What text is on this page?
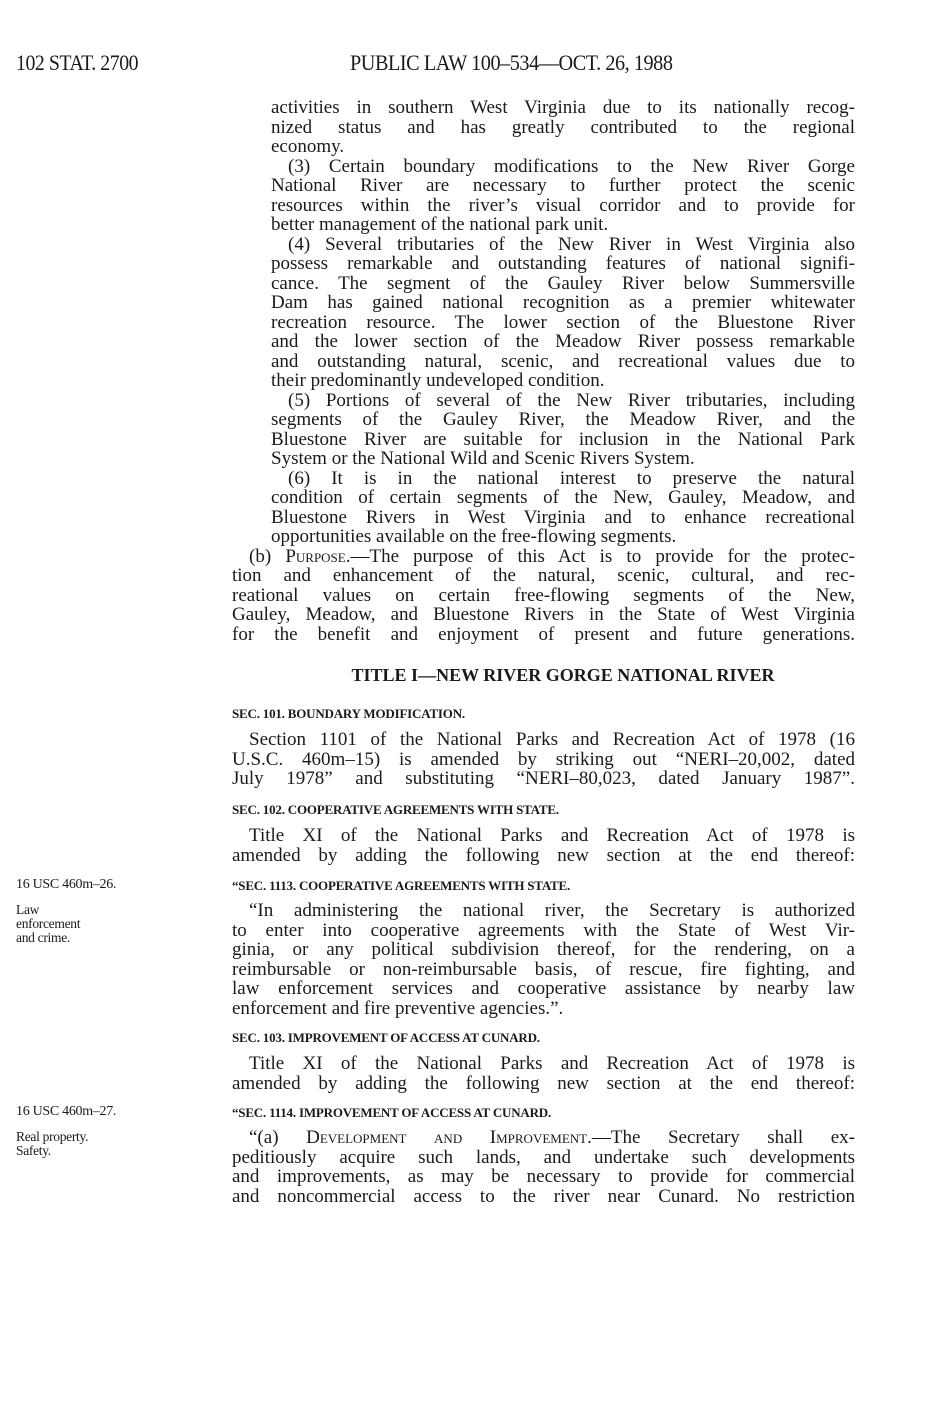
102 STAT. 2700	PUBLIC LAW 100–534—OCT. 26, 1988
activities in southern West Virginia due to its nationally recog-
nized status and has greatly contributed to the regional
economy.
(3) Certain boundary modifications to the New River Gorge
National River are necessary to further protect the scenic
resources within the river’s visual corridor and to provide for
better management of the national park unit.
(4) Several tributaries of the New River in West Virginia also
possess remarkable and outstanding features of national signifi-
cance. The segment of the Gauley River below Summersville
Dam has gained national recognition as a premier whitewater
recreation resource. The lower section of the Bluestone River
and the lower section of the Meadow River possess remarkable
and outstanding natural, scenic, and recreational values due to
their predominantly undeveloped condition.
(5) Portions of several of the New River tributaries, including
segments of the Gauley River, the Meadow River, and the
Bluestone River are suitable for inclusion in the National Park
System or the National Wild and Scenic Rivers System.
(6) It is in the national interest to preserve the natural
condition of certain segments of the New, Gauley, Meadow, and
Bluestone Rivers in West Virginia and to enhance recreational
opportunities available on the free-flowing segments.
(b) Purpose.—The purpose of this Act is to provide for the protec-
tion and enhancement of the natural, scenic, cultural, and rec-
reational values on certain free-flowing segments of the New,
Gauley, Meadow, and Bluestone Rivers in the State of West Virginia
for the benefit and enjoyment of present and future generations.
TITLE I—NEW RIVER GORGE NATIONAL RIVER
SEC. 101. BOUNDARY MODIFICATION.
Section 1101 of the National Parks and Recreation Act of 1978 (16
U.S.C. 460m–15) is amended by striking out “NERI–20,002, dated
July 1978” and substituting “NERI–80,023, dated January 1987”.
SEC. 102. COOPERATIVE AGREEMENTS WITH STATE.
Title XI of the National Parks and Recreation Act of 1978 is
amended by adding the following new section at the end thereof:
16 USC 460m–26.	“SEC. 1113. COOPERATIVE AGREEMENTS WITH STATE.
Law
enforcement
and crime.
“In administering the national river, the Secretary is authorized
to enter into cooperative agreements with the State of West Vir-
ginia, or any political subdivision thereof, for the rendering, on a
reimbursable or non-reimbursable basis, of rescue, fire fighting, and
law enforcement services and cooperative assistance by nearby law
enforcement and fire preventive agencies.”.
SEC. 103. IMPROVEMENT OF ACCESS AT CUNARD.
Title XI of the National Parks and Recreation Act of 1978 is
amended by adding the following new section at the end thereof:
16 USC 460m–27.	“SEC. 1114. IMPROVEMENT OF ACCESS AT CUNARD.
Real property.
Safety.
“(a) Development and Improvement.—The Secretary shall ex-
peditiously acquire such lands, and undertake such developments
and improvements, as may be necessary to provide for commercial
and noncommercial access to the river near Cunard. No restriction
